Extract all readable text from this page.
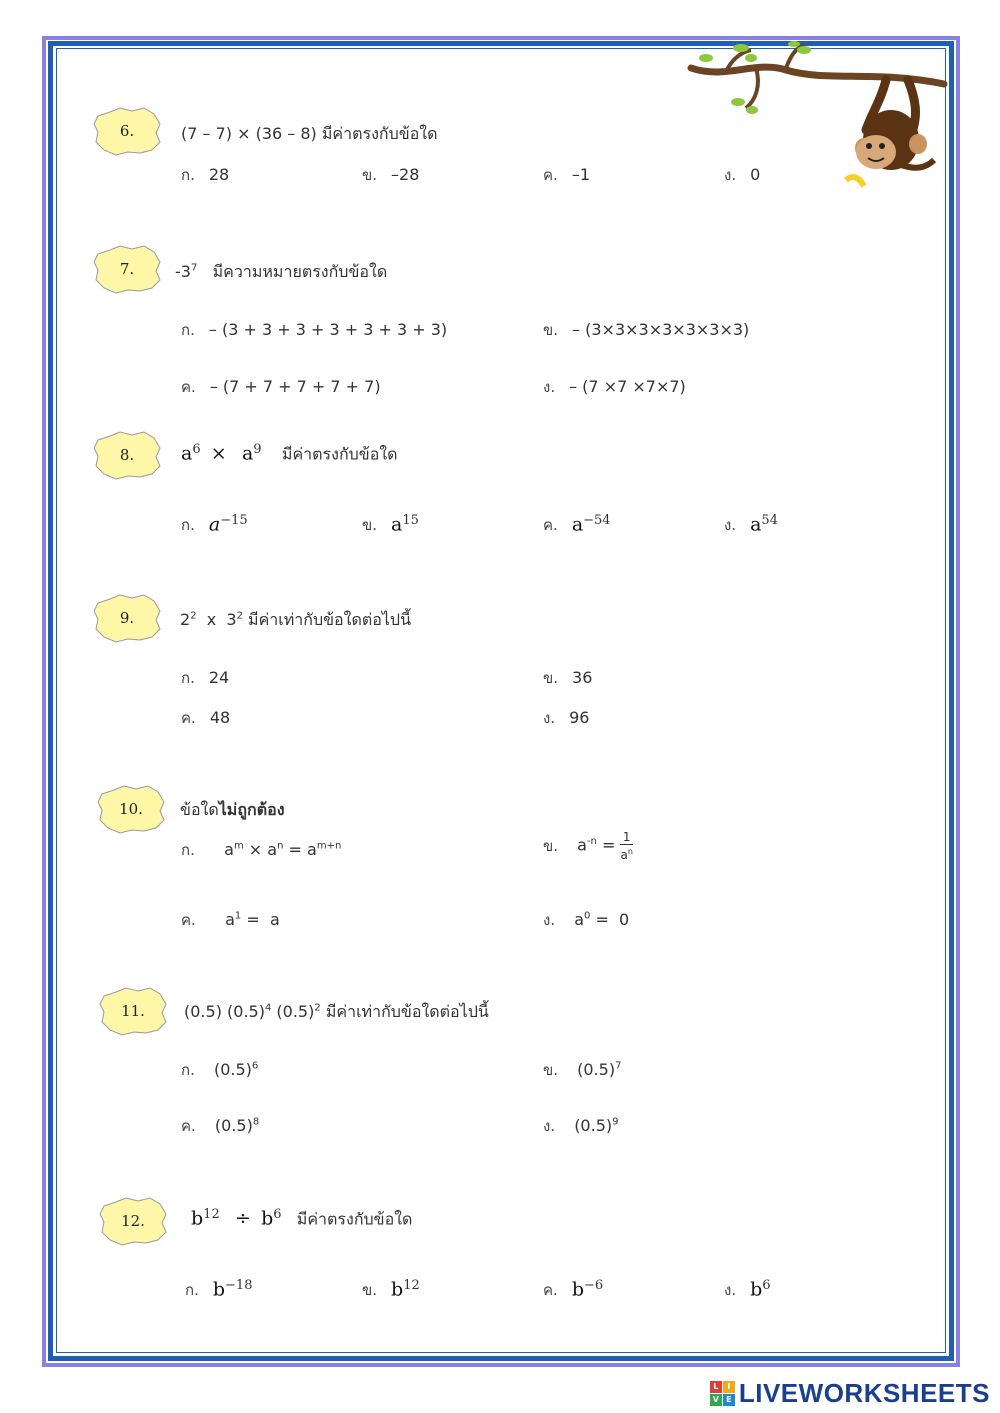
6.	(7 – 7) × (36 – 8) มีค่าตรงกับข้อใด
ก. 28	ข. –28	ค. –1	ง. 0
7.	$-3^7$ มีความหมายตรงกับข้อใด
ก. – (3 + 3 + 3 + 3 + 3 + 3 + 3)	ข. – (3×3×3×3×3×3×3)
ค. – (7 + 7 + 7 + 7 + 7)	ง. – (7 ×7 ×7×7)
8.	$a^6 \times a^9$ มีค่าตรงกับข้อใด
ก. $a^{-15}$	ข. $a^{15}$	ค. $a^{-54}$	ง. $a^{54}$
9.	$2^2$ x $3^2$ มีค่าเท่ากับข้อใดต่อไปนี้
ก. 24	ข. 36
ค. 48	ง. 96
10.	ข้อใดไม่ถูกต้อง
ก. $a^m \times a^n = a^{m+n}$	ข. $a^{-n} = \frac{1}{a^n}$
ค. $a^1 = a$	ง. $a^0 = 0$
11.	(0.5) $(0.5)^4$ $(0.5)^2$ มีค่าเท่ากับข้อใดต่อไปนี้
ก. $(0.5)^6$	ข. $(0.5)^7$
ค. $(0.5)^8$	ง. $(0.5)^9$
12.	$b^{12} \div b^6$ มีค่าตรงกับข้อใด
ก. $b^{-18}$	ข. $b^{12}$	ค. $b^{-6}$	ง. $b^6$
L	I
V E LIVEWORKSHEETS
